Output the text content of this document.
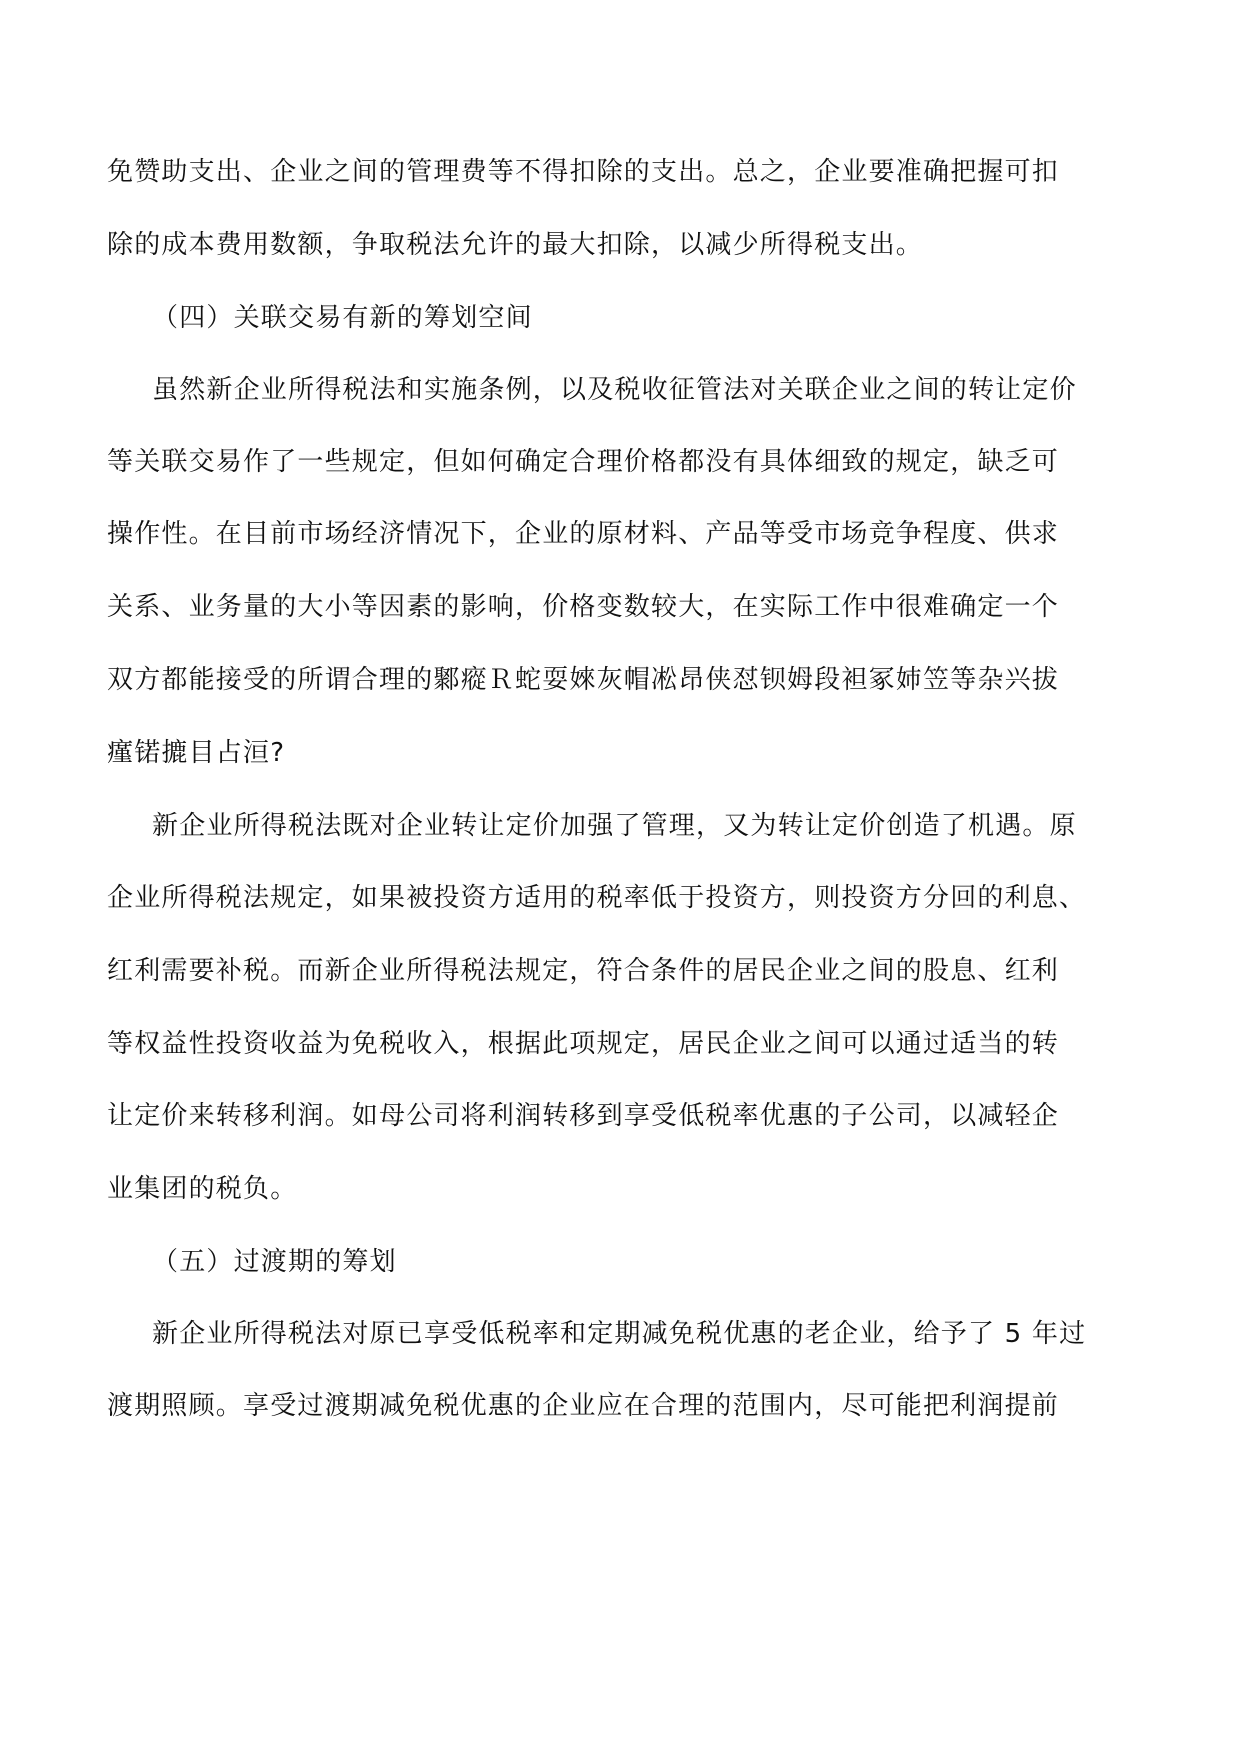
免赞助支出、企业之间的管理费等不得扣除的支出。总之，企业要准确把握可扣
除的成本费用数额，争取税法允许的最大扣除，以减少所得税支出。
（四）关联交易有新的筹划空间
虽然新企业所得税法和实施条例，以及税收征管法对关联企业之间的转让定价
等关联交易作了一些规定，但如何确定合理价格都没有具体细致的规定，缺乏可
操作性。在目前市场经济情况下，企业的原材料、产品等受市场竞争程度、供求
关系、业务量的大小等因素的影响，价格变数较大，在实际工作中很难确定一个
双方都能接受的所谓合理的鄹瘲Ｒ蛇耍婡灰帽凇昂侠怼钡姆段袒冢姉笠等杂兴拔
瘽锘摝目占洹?
新企业所得税法既对企业转让定价加强了管理，又为转让定价创造了机遇。原
企业所得税法规定，如果被投资方适用的税率低于投资方，则投资方分回的利息、
红利需要补税。而新企业所得税法规定，符合条件的居民企业之间的股息、红利
等权益性投资收益为免税收入，根据此项规定，居民企业之间可以通过适当的转
让定价来转移利润。如母公司将利润转移到享受低税率优惠的子公司，以减轻企
业集团的税负。
（五）过渡期的筹划
新企业所得税法对原已享受低税率和定期减免税优惠的老企业，给予了 5 年过
渡期照顾。享受过渡期减免税优惠的企业应在合理的范围内，尽可能把利润提前
